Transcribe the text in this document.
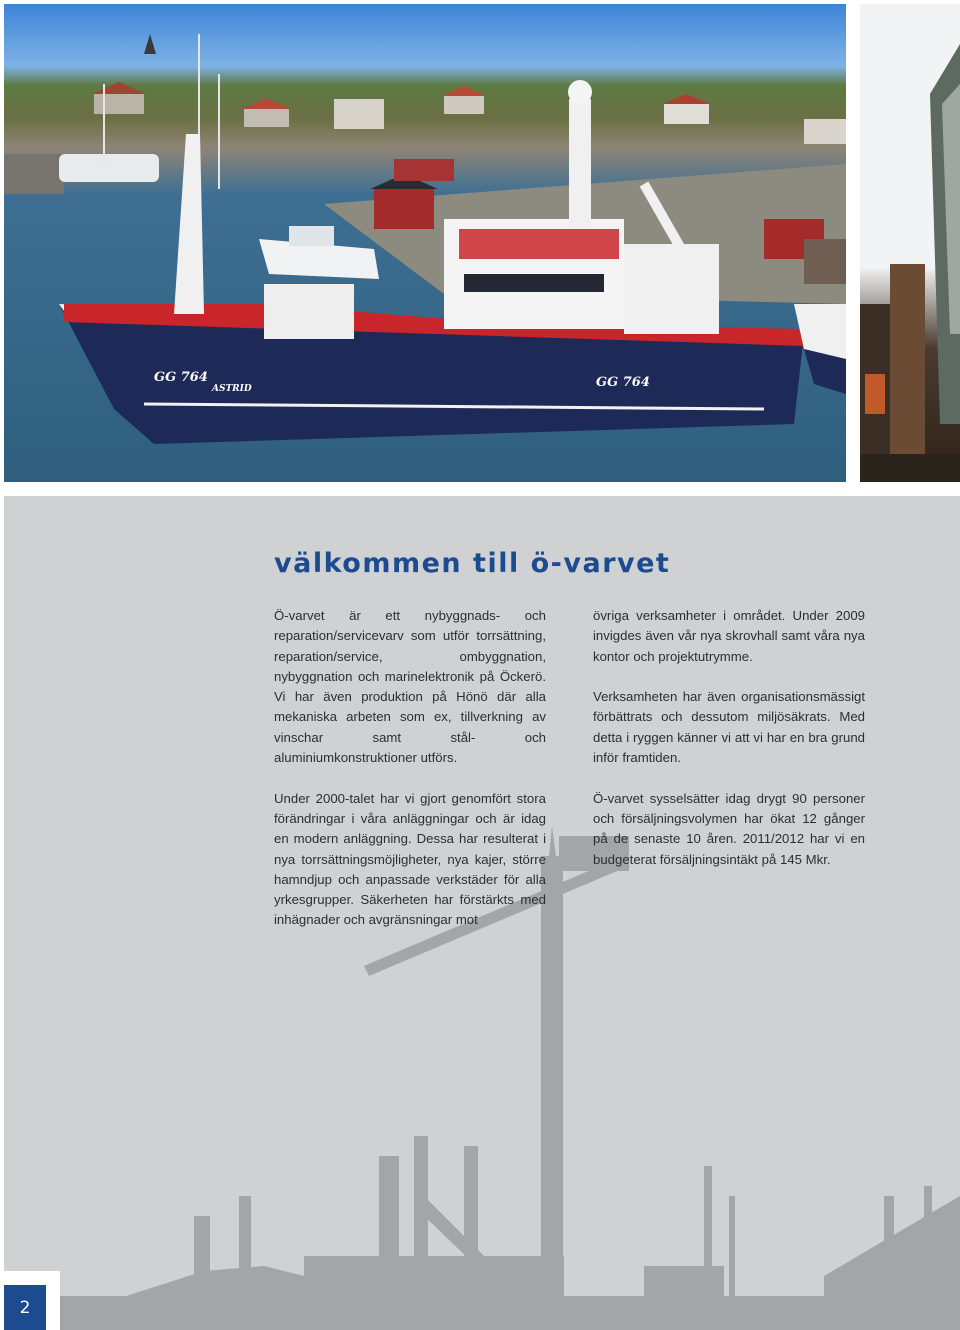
GG 764
ASTRID	GG 764
välkommen till ö-varvet

Ö-varvet är ett nybyggnads- och reparation/servicevarv som utför torrsättning, reparation/service, ombyggnation, nybyggnation och marinelektronik på Öckerö. Vi har även produktion på Hönö där alla mekaniska arbeten som ex, tillverkning av vinschar samt stål- och aluminiumkonstruktioner utförs.

Under 2000-talet har vi gjort genomfört stora förändringar i våra anläggningar och är idag en modern anläggning. Dessa har resulterat i nya torrsättningsmöjligheter, nya kajer, större hamndjup och anpassade verkstäder för alla yrkesgrupper. Säkerheten har förstärkts med inhägnader och avgränsningar mot

övriga verksamheter i området. Under 2009 invigdes även vår nya skrovhall samt våra nya kontor och projektutrymme.

Verksamheten har även organisationsmässigt förbättrats och dessutom miljösäkrats. Med detta i ryggen känner vi att vi har en bra grund inför framtiden.

Ö-varvet sysselsätter idag drygt 90 personer och försäljningsvolymen har ökat 12 gånger på de senaste 10 åren. 2011/2012 har vi en budgeterat försäljningsintäkt på 145 Mkr.

2
